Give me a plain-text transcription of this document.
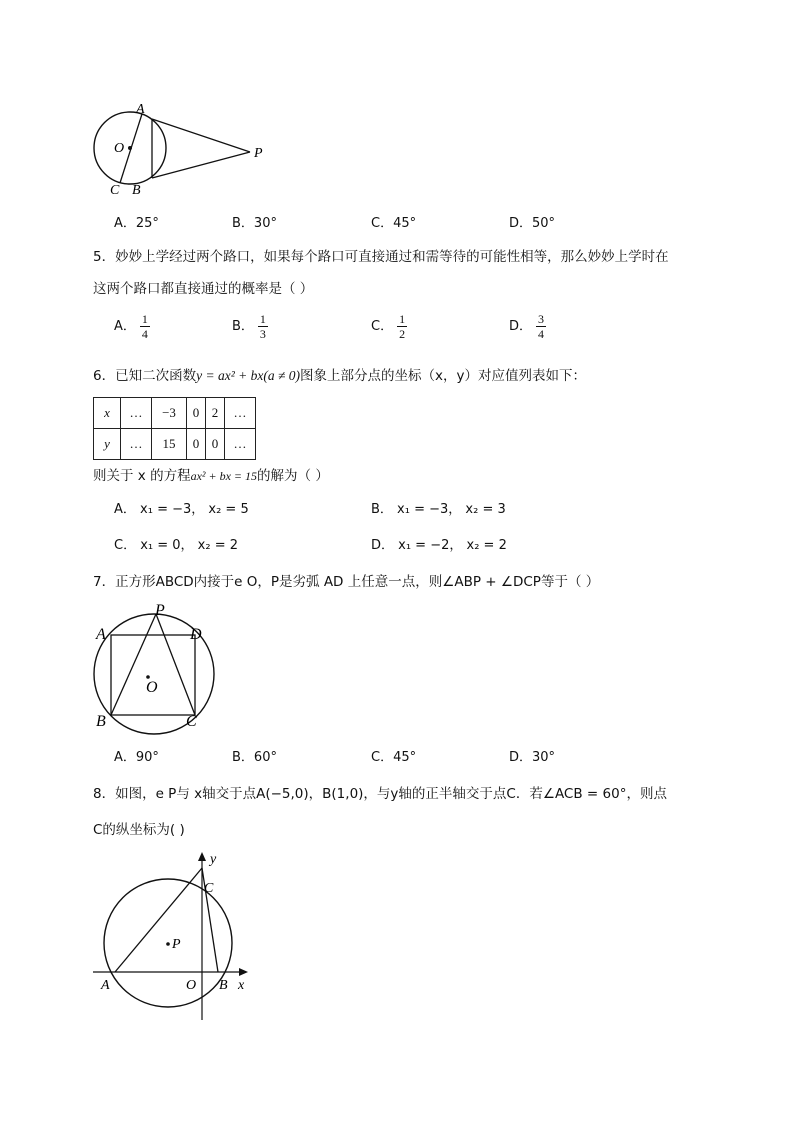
A
O
C B
P
A．25°	B．30°	C．45°	D．50°
5．妙妙上学经过两个路口，如果每个路口可直接通过和需等待的可能性相等，那么妙妙上学时在
这两个路口都直接通过的概率是（ ）
A． $\frac{1}{4}$	B． $\frac{1}{3}$	C． $\frac{1}{2}$	D． $\frac{3}{4}$
6．已知二次函数y = ax² + bx(a ≠ 0)图象上部分点的坐标（x，y）对应值列表如下：
x	…	−3	0	2	…
y	…	15	0	0	…
则关于 x 的方程ax² + bx = 15的解为（ ）
A． x₁ = −3， x₂ = 5	B． x₁ = −3， x₂ = 3
C． x₁ = 0， x₂ = 2	D． x₁ = −2， x₂ = 2
7．正方形ABCD内接于e O，P是劣弧 AD 上任意一点，则∠ABP + ∠DCP等于（ ）
P
A	D
O
B	C
A．90°	B．60°	C．45°	D．30°
8．如图，e P与 x轴交于点A(−5,0)，B(1,0)，与y轴的正半轴交于点C．若∠ACB = 60°，则点
C的纵坐标为( )
y
C
P
A	O B x
